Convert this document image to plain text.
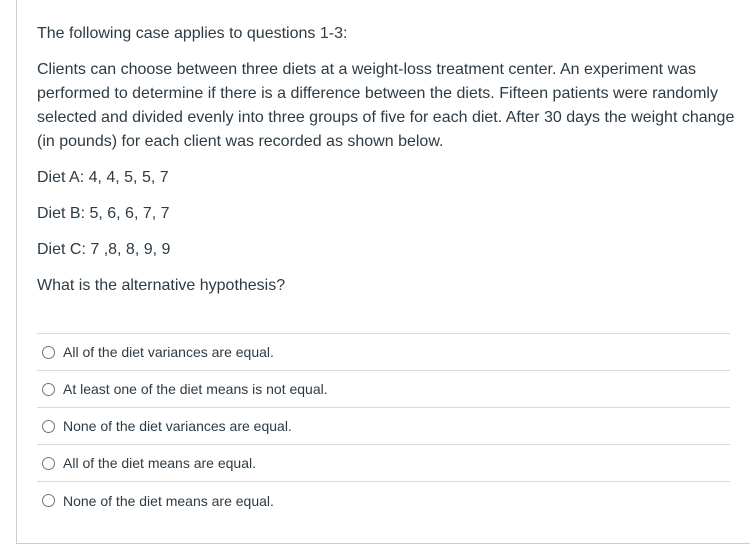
The following case applies to questions 1-3:

Clients can choose between three diets at a weight-loss treatment center. An experiment was performed to determine if there is a difference between the diets. Fifteen patients were randomly selected and divided evenly into three groups of five for each diet. After 30 days the weight change (in pounds) for each client was recorded as shown below.

Diet A: 4, 4, 5, 5, 7

Diet B: 5, 6, 6, 7, 7

Diet C: 7 ,8, 8, 9, 9

What is the alternative hypothesis?

All of the diet variances are equal.
At least one of the diet means is not equal.
None of the diet variances are equal.
All of the diet means are equal.
None of the diet means are equal.
